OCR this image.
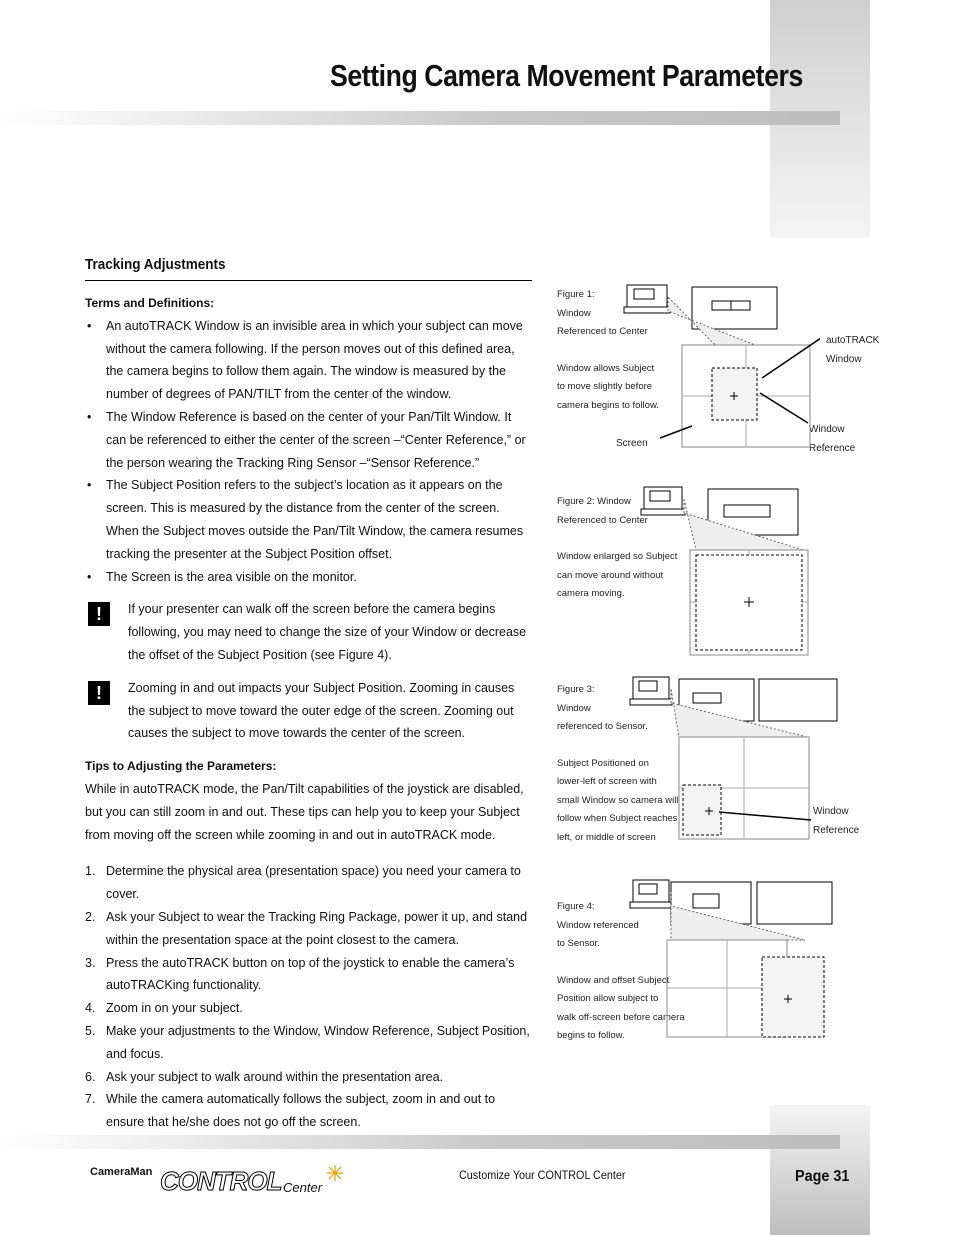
Setting Camera Movement Parameters
Tracking Adjustments

Terms and Definitions:

• An autoTRACK Window is an invisible area in which your subject can move without the camera following. If the person moves out of this defined area, the camera begins to follow them again. The window is measured by the number of degrees of PAN/TILT from the center of the window.
• The Window Reference is based on the center of your Pan/Tilt Window. It can be referenced to either the center of the screen –“Center Reference,” or the person wearing the Tracking Ring Sensor –“Sensor Reference.”
• The Subject Position refers to the subject’s location as it appears on the screen. This is measured by the distance from the center of the screen. When the Subject moves outside the Pan/Tilt Window, the camera resumes tracking the presenter at the Subject Position offset.
• The Screen is the area visible on the monitor.
!	If your presenter can walk off the screen before the camera begins following, you may need to change the size of your Window or decrease the offset of the Subject Position (see Figure 4).

!	Zooming in and out impacts your Subject Position. Zooming in causes the subject to move toward the outer edge of the screen. Zooming out causes the subject to move towards the center of the screen.

Tips to Adjusting the Parameters:

While in autoTRACK mode, the Pan/Tilt capabilities of the joystick are disabled, but you can still zoom in and out. These tips can help you to keep your Subject from moving off the screen while zooming in and out in autoTRACK mode.

1. Determine the physical area (presentation space) you need your camera to cover.
2. Ask your Subject to wear the Tracking Ring Package, power it up, and stand within the presentation space at the point closest to the camera.
3. Press the autoTRACK button on top of the joystick to enable the camera’s autoTRACKing functionality.
4. Zoom in on your subject.
5. Make your adjustments to the Window, Window Reference, Subject Position, and focus.
6. Ask your subject to walk around within the presentation area.
7. While the camera automatically follows the subject, zoom in and out to ensure that he/she does not go off the screen.

Figure 1:

Window

Referenced to Center

Window allows Subject

to move slightly before

camera begins to follow.

Screen
autoTRACK
Window
Window
Reference

Figure 2: Window

Referenced to Center

Window enlarged so Subject

can move around without

camera moving.

Figure 3:

Window

referenced to Sensor.

Subject Positioned on

lower-left of screen with

small Window so camera will

follow when Subject reaches

left, or middle of screen

Window
Reference

Figure 4:

Window referenced

to Sensor.

Window and offset Subject

Position allow subject to

walk off-screen before camera

begins to follow.

CameraMan CONTROL Center
Customize Your CONTROL Center	Page 31
